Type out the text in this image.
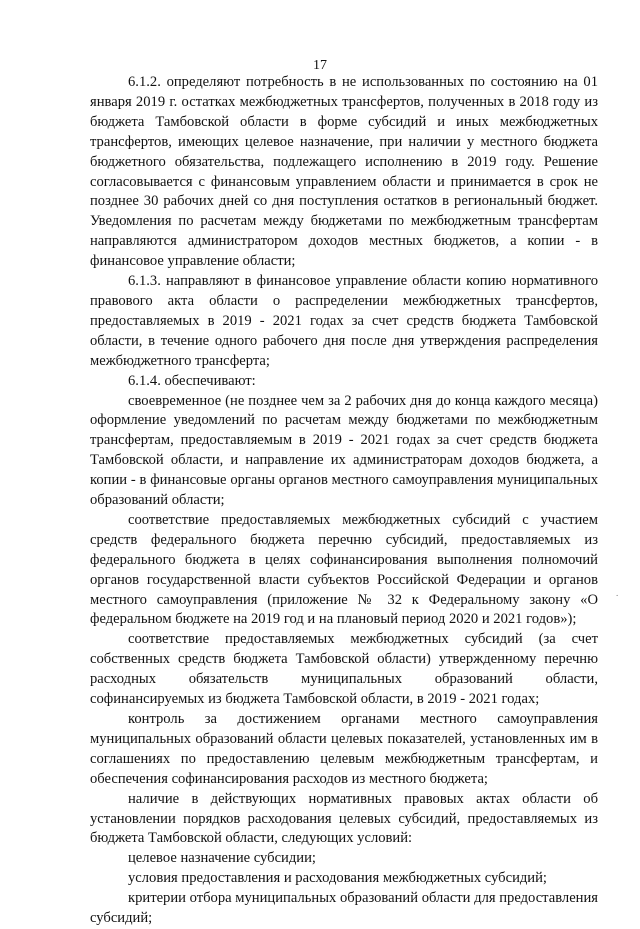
17

6.1.2. определяют потребность в не использованных по состоянию на 01 января 2019 г. остатках межбюджетных трансфертов, полученных в 2018 году из бюджета Тамбовской области в форме субсидий и иных межбюджетных трансфертов, имеющих целевое назначение, при наличии у местного бюджета бюджетного обязательства, подлежащего исполнению в 2019 году. Решение согласовывается с финансовым управлением области и принимается в срок не позднее 30 рабочих дней со дня поступления остатков в региональный бюджет. Уведомления по расчетам между бюджетами по межбюджетным трансфертам направляются администратором доходов местных бюджетов, а копии - в финансовое управление области;

6.1.3. направляют в финансовое управление области копию нормативного правового акта области о распределении межбюджетных трансфертов, предоставляемых в 2019 - 2021 годах за счет средств бюджета Тамбовской области, в течение одного рабочего дня после дня утверждения распределения межбюджетного трансферта;

6.1.4. обеспечивают:

своевременное (не позднее чем за 2 рабочих дня до конца каждого месяца) оформление уведомлений по расчетам между бюджетами по межбюджетным трансфертам, предоставляемым в 2019 - 2021 годах за счет средств бюджета Тамбовской области, и направление их администраторам доходов бюджета, а копии - в финансовые органы органов местного самоуправления муниципальных образований области;

соответствие предоставляемых межбюджетных субсидий с участием средств федерального бюджета перечню субсидий, предоставляемых из федерального бюджета в целях софинансирования выполнения полномочий органов государственной власти субъектов Российской Федерации и органов местного самоуправления (приложение № 32 к Федеральному закону «О федеральном бюджете на 2019 год и на плановый период 2020 и 2021 годов»);

соответствие предоставляемых межбюджетных субсидий (за счет собственных средств бюджета Тамбовской области) утвержденному перечню расходных обязательств муниципальных образований области, софинансируемых из бюджета Тамбовской области, в 2019 - 2021 годах;

контроль за достижением органами местного самоуправления муниципальных образований области целевых показателей, установленных им в соглашениях по предоставлению целевым межбюджетным трансфертам, и обеспечения софинансирования расходов из местного бюджета;

наличие в действующих нормативных правовых актах области об установлении порядков расходования целевых субсидий, предоставляемых из бюджета Тамбовской области, следующих условий:

целевое назначение субсидии;

условия предоставления и расходования межбюджетных субсидий;

критерии отбора муниципальных образований области для предоставления субсидий;

.
